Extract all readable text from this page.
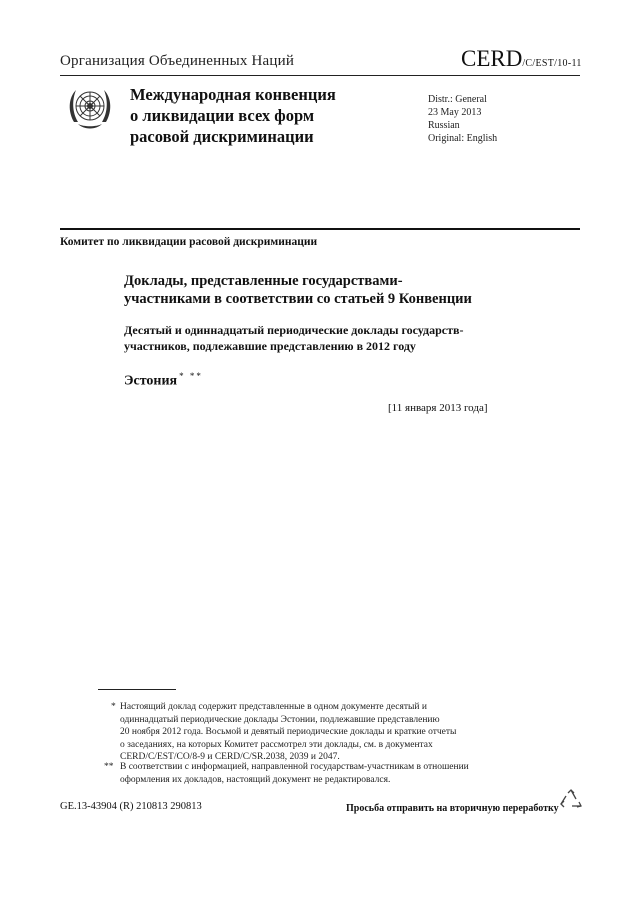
Организация Объединенных Наций	CERD/C/EST/10-11
Международная конвенция
о ликвидации всех форм
расовой дискриминации
Distr.: General
23 May 2013
Russian
Original: English
Комитет по ликвидации расовой дискриминации
Доклады, представленные государствами-
участниками в соответствии со статьей 9 Конвенции
Десятый и одиннадцатый периодические доклады государств-
участников, подлежавшие представлению в 2012 году
Эстония * **
[11 января 2013 года]
* Настоящий доклад содержит представленные в одном документе десятый и
одиннадцатый периодические доклады Эстонии, подлежавшие представлению
20 ноября 2012 года. Восьмой и девятый периодические доклады и краткие отчеты
о заседаниях, на которых Комитет рассмотрел эти доклады, см. в документах
CERD/C/EST/CO/8-9 и CERD/C/SR.2038, 2039 и 2047.
** В соответствии с информацией, направленной государствам-участникам в отношении
оформления их докладов, настоящий документ не редактировался.
GE.13-43904 (R) 210813 290813	Просьба отправить на вторичную переработку
